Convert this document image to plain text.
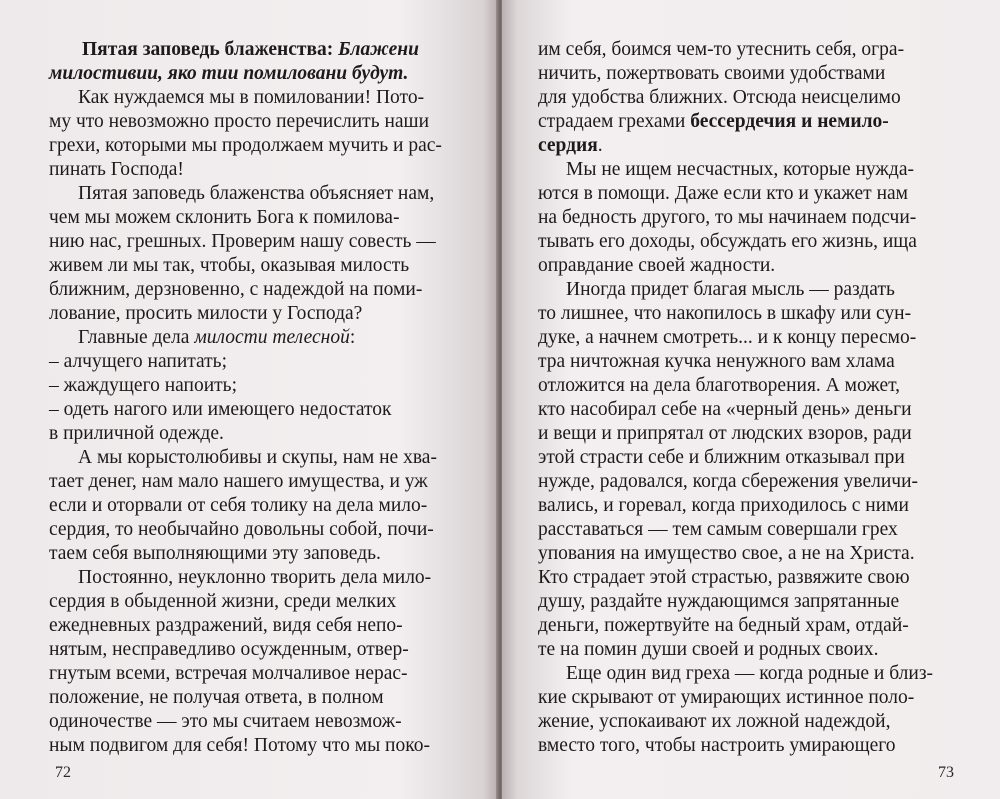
Пятая заповедь блаженства: Блажени
милостивии, яко тии помиловани будут.
Как нуждаемся мы в помиловании! Пото-
му что невозможно просто перечислить наши
грехи, которыми мы продолжаем мучить и рас-
пинать Господа!
Пятая заповедь блаженства объясняет нам,
чем мы можем склонить Бога к помилова-
нию нас, грешных. Проверим нашу совесть —
живем ли мы так, чтобы, оказывая милость
ближним, дерзновенно, с надеждой на поми-
лование, просить милости у Господа?
Главные дела милости телесной:
– алчущего напитать;
– жаждущего напоить;
– одеть нагого или имеющего недостаток
в приличной одежде.
А мы корыстолюбивы и скупы, нам не хва-
тает денег, нам мало нашего имущества, и уж
если и оторвали от себя толику на дела мило-
сердия, то необычайно довольны собой, почи-
таем себя выполняющими эту заповедь.
Постоянно, неуклонно творить дела мило-
сердия в обыденной жизни, среди мелких
ежедневных раздражений, видя себя непо-
нятым, несправедливо осужденным, отвер-
гнутым всеми, встречая молчаливое нерас-
положение, не получая ответа, в полном
одиночестве — это мы считаем невозмож-
ным подвигом для себя! Потому что мы поко-
72
им себя, боимся чем-то утеснить себя, огра-
ничить, пожертвовать своими удобствами
для удобства ближних. Отсюда неисцелимо
страдаем грехами бессердечия и немило-
сердия.
Мы не ищем несчастных, которые нужда-
ются в помощи. Даже если кто и укажет нам
на бедность другого, то мы начинаем подсчи-
тывать его доходы, обсуждать его жизнь, ища
оправдание своей жадности.
Иногда придет благая мысль — раздать
то лишнее, что накопилось в шкафу или сун-
дуке, а начнем смотреть... и к концу пересмо-
тра ничтожная кучка ненужного вам хлама
отложится на дела благотворения. А может,
кто насобирал себе на «черный день» деньги
и вещи и припрятал от людских взоров, ради
этой страсти себе и ближним отказывал при
нужде, радовался, когда сбережения увеличи-
вались, и горевал, когда приходилось с ними
расставаться — тем самым совершали грех
упования на имущество свое, а не на Христа.
Кто страдает этой страстью, развяжите свою
душу, раздайте нуждающимся запрятанные
деньги, пожертвуйте на бедный храм, отдай-
те на помин души своей и родных своих.
Еще один вид греха — когда родные и близ-
кие скрывают от умирающих истинное поло-
жение, успокаивают их ложной надеждой,
вместо того, чтобы настроить умирающего
73
